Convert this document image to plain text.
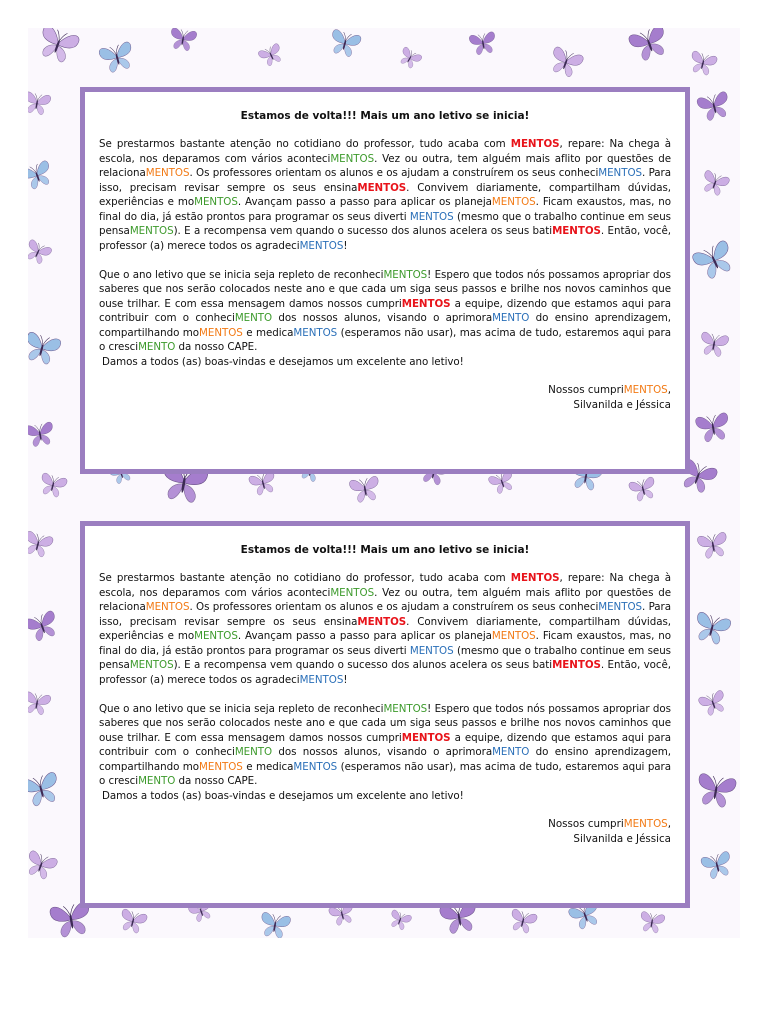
Estamos de volta!!! Mais um ano letivo se inicia!

Se prestarmos bastante atenção no cotidiano do professor, tudo acaba com MENTOS, repare: Na chega à escola, nos deparamos com vários aconteciMENTOS. Vez ou outra, tem alguém mais aflito por questões de relacionaMENTOS. Os professores orientam os alunos e os ajudam a construírem os seus conheciMENTOS. Para isso, precisam revisar sempre os seus ensinaMENTOS. Convivem diariamente, compartilham dúvidas, experiências e moMENTOS. Avançam passo a passo para aplicar os planejaMENTOS. Ficam exaustos, mas, no final do dia, já estão prontos para programar os seus diverti MENTOS (mesmo que o trabalho continue em seus pensaMENTOS). E a recompensa vem quando o sucesso dos alunos acelera os seus batiMENTOS. Então, você, professor (a) merece todos os agradeciMENTOS!

Que o ano letivo que se inicia seja repleto de reconheciMENTOS! Espero que todos nós possamos apropriar dos saberes que nos serão colocados neste ano e que cada um siga seus passos e brilhe nos novos caminhos que ouse trilhar. E com essa mensagem damos nossos cumpriMENTOS a equipe, dizendo que estamos aqui para contribuir com o conheciMENTO dos nossos alunos, visando o aprimoraMENTO do ensino aprendizagem, compartilhando moMENTOS e medicaMENTOS (esperamos não usar), mas acima de tudo, estaremos aqui para o cresciMENTO da nosso CAPE.

Damos a todos (as) boas-vindas e desejamos um excelente ano letivo!

Nossos cumpriMENTOS,
Silvanilda e Jéssica
Estamos de volta!!! Mais um ano letivo se inicia!

Se prestarmos bastante atenção no cotidiano do professor, tudo acaba com MENTOS, repare: Na chega à escola, nos deparamos com vários aconteciMENTOS. Vez ou outra, tem alguém mais aflito por questões de relacionaMENTOS. Os professores orientam os alunos e os ajudam a construírem os seus conheciMENTOS. Para isso, precisam revisar sempre os seus ensinaMENTOS. Convivem diariamente, compartilham dúvidas, experiências e moMENTOS. Avançam passo a passo para aplicar os planejaMENTOS. Ficam exaustos, mas, no final do dia, já estão prontos para programar os seus diverti MENTOS (mesmo que o trabalho continue em seus pensaMENTOS). E a recompensa vem quando o sucesso dos alunos acelera os seus batiMENTOS. Então, você, professor (a) merece todos os agradeciMENTOS!

Que o ano letivo que se inicia seja repleto de reconheciMENTOS! Espero que todos nós possamos apropriar dos saberes que nos serão colocados neste ano e que cada um siga seus passos e brilhe nos novos caminhos que ouse trilhar. E com essa mensagem damos nossos cumpriMENTOS a equipe, dizendo que estamos aqui para contribuir com o conheciMENTO dos nossos alunos, visando o aprimoraMENTO do ensino aprendizagem, compartilhando moMENTOS e medicaMENTOS (esperamos não usar), mas acima de tudo, estaremos aqui para o cresciMENTO da nosso CAPE.

Damos a todos (as) boas-vindas e desejamos um excelente ano letivo!

Nossos cumpriMENTOS,
Silvanilda e Jéssica
